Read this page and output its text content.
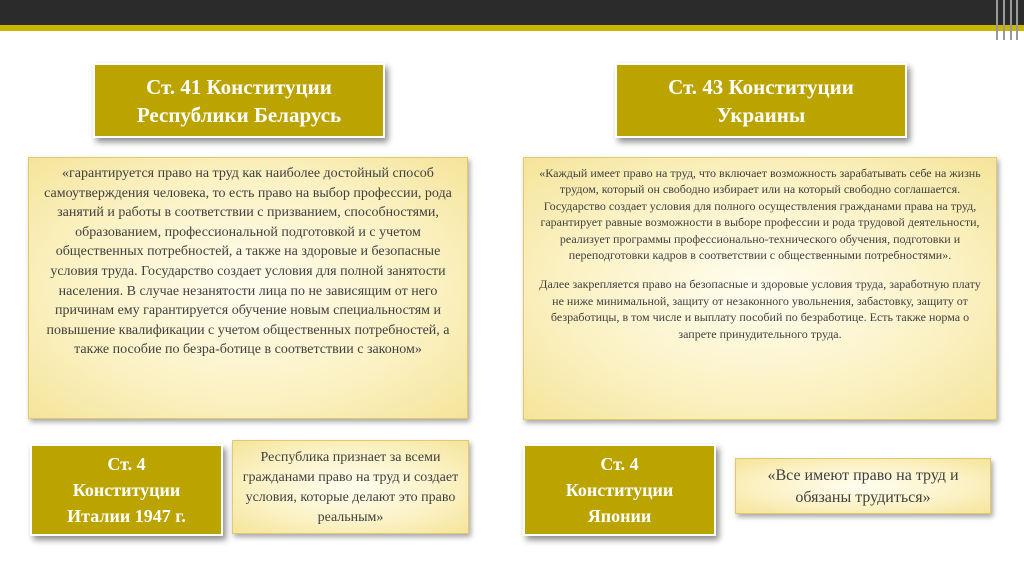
Ст. 41 Конституции
Республики Беларусь
Ст. 43 Конституции
Украины
«гарантируется право на труд как наиболее достойный способ самоутверждения человека, то есть право на выбор профессии, рода занятий и работы в соответствии с призванием, способностями, образованием, профессиональной подготовкой и с учетом общественных потребностей, а также на здоровые и безопасные условия труда. Государство создает условия для полной занятости населения. В случае незанятости лица по не зависящим от него причинам ему гарантируется обучение новым специальностям и повышение квалификации с учетом общественных потребностей, а также пособие по безра-ботице в соответствии с законом»
«Каждый имеет право на труд, что включает возможность зарабатывать себе на жизнь трудом, который он свободно избирает или на который свободно соглашается. Государство создает условия для полного осуществления гражданами права на труд, гарантирует равные возможности в выборе профессии и рода трудовой деятельности, реализует программы профессионально-технического обучения, подготовки и переподготовки кадров в соответствии с общественными потребностями».
Далее закрепляется право на безопасные и здоровые условия труда, заработную плату не ниже минимальной, защиту от незаконного увольнения, забастовку, защиту от безработицы, в том числе и выплату пособий по безработице. Есть также норма о запрете принудительного труда.
Ст. 4
Конституции
Италии 1947 г.
Республика признает за всеми гражданами право на труд и создает условия, которые делают это право реальным»
Ст. 4
Конституции
Японии
«Все имеют право на труд и обязаны трудиться»
